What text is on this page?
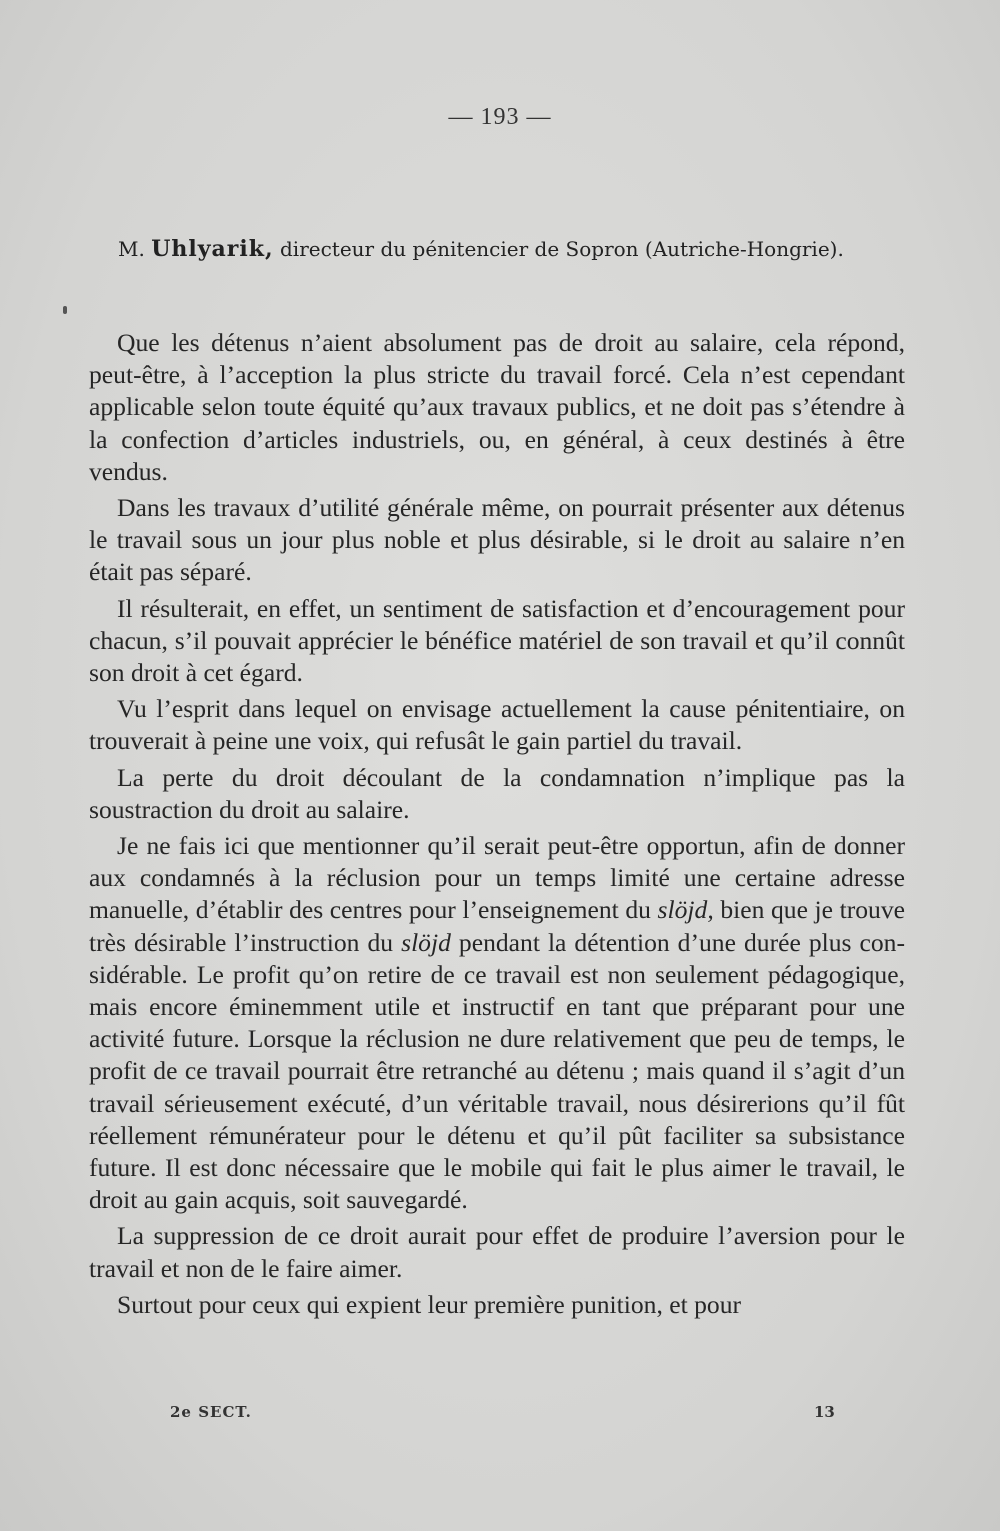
— 193 —
M. Uhlyarik, directeur du pénitencier de Sopron (Autriche-Hongrie).

Que les détenus n’aient absolument pas de droit au salaire, cela répond, peut-être, à l’acception la plus stricte du travail forcé. Cela n’est cependant applicable selon toute équité qu’aux travaux publics, et ne doit pas s’étendre à la confection d’articles industriels, ou, en général, à ceux destinés à être vendus.

Dans les travaux d’utilité générale même, on pourrait présenter aux détenus le travail sous un jour plus noble et plus désirable, si le droit au salaire n’en était pas séparé.

Il résulterait, en effet, un sentiment de satisfaction et d’encouragement pour chacun, s’il pouvait apprécier le bénéfice matériel de son travail et qu’il connût son droit à cet égard.

Vu l’esprit dans lequel on envisage actuellement la cause pénitentiaire, on trouverait à peine une voix, qui refusât le gain partiel du travail.

La perte du droit découlant de la condamnation n’implique pas la soustraction du droit au salaire.

Je ne fais ici que mentionner qu’il serait peut-être opportun, afin de donner aux condamnés à la réclusion pour un temps limité une certaine adresse manuelle, d’établir des centres pour l’enseignement du slöjd, bien que je trouve très désirable l’instruction du slöjd pendant la détention d’une durée plus considérable. Le profit qu’on retire de ce travail est non seulement pédagogique, mais encore éminemment utile et instructif en tant que préparant pour une activité future. Lorsque la réclusion ne dure relativement que peu de temps, le profit de ce travail pourrait être retranché au détenu ; mais quand il s’agit d’un travail sérieusement exécuté, d’un véritable travail, nous désirerions qu’il fût réellement rémunérateur pour le détenu et qu’il pût faciliter sa subsistance future. Il est donc nécessaire que le mobile qui fait le plus aimer le travail, le droit au gain acquis, soit sauvegardé.

La suppression de ce droit aurait pour effet de produire l’aversion pour le travail et non de le faire aimer.

Surtout pour ceux qui expient leur première punition, et pour

2e SECT.	13
